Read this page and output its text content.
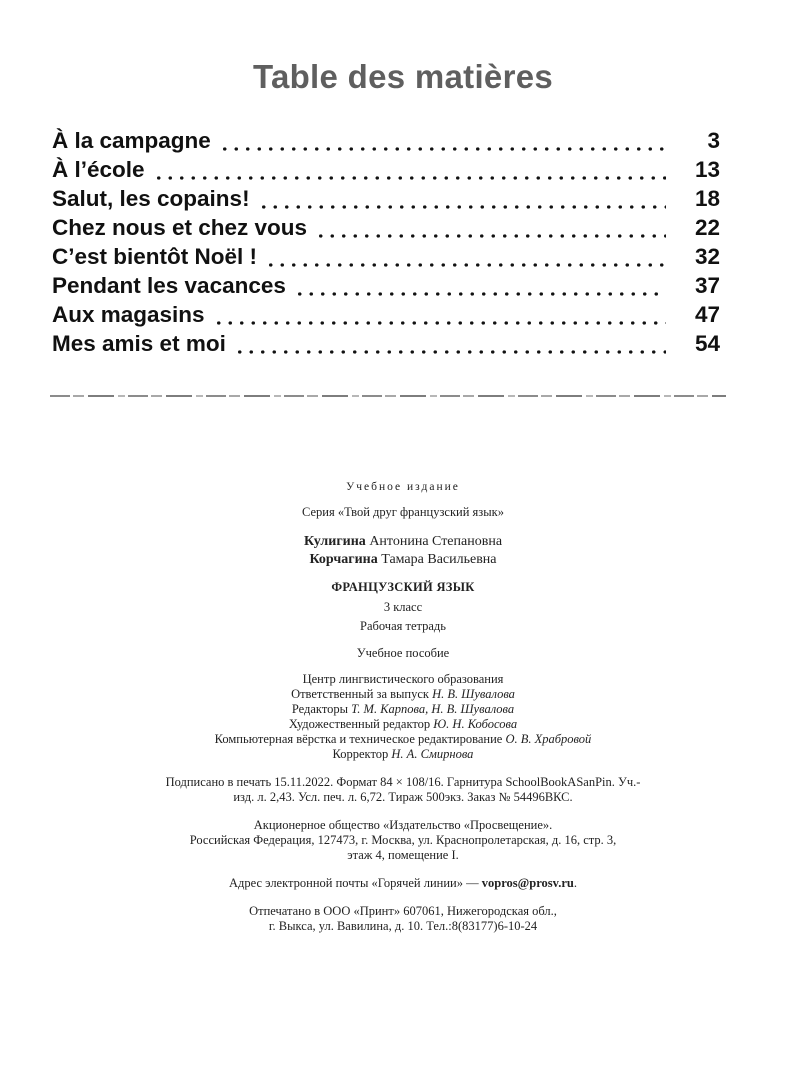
Table des matières
À la campagne	3
À l’école	13
Salut, les copains!	18
Chez nous et chez vous	22
C’est bientôt Noël !	32
Pendant les vacances	37
Aux magasins	47
Mes amis et moi	54
Учебное издание
Серия «Твой друг французский язык»
Кулигина Антонина Степановна
Корчагина Тамара Васильевна
ФРАНЦУЗСКИЙ ЯЗЫК
3 класс
Рабочая тетрадь
Учебное пособие
Центр лингвистического образования
Ответственный за выпуск Н. В. Шувалова
Редакторы Т. М. Карпова, Н. В. Шувалова
Художественный редактор Ю. Н. Кобосова
Компьютерная вёрстка и техническое редактирование О. В. Храбровой
Корректор Н. А. Смирнова
Подписано в печать 15.11.2022. Формат 84 × 108/16. Гарнитура SchoolBookASanPin. Уч.-
изд. л. 2,43. Усл. печ. л. 6,72. Тираж 500экз. Заказ № 54496ВКС.
Акционерное общество «Издательство «Просвещение».
Российская Федерация, 127473, г. Москва, ул. Краснопролетарская, д. 16, стр. 3,
этаж 4, помещение I.
Адрес электронной почты «Горячей линии» — vopros@prosv.ru.
Отпечатано в ООО «Принт» 607061, Нижегородская обл.,
г. Выкса, ул. Вавилина, д. 10. Тел.:8(83177)6-10-24
